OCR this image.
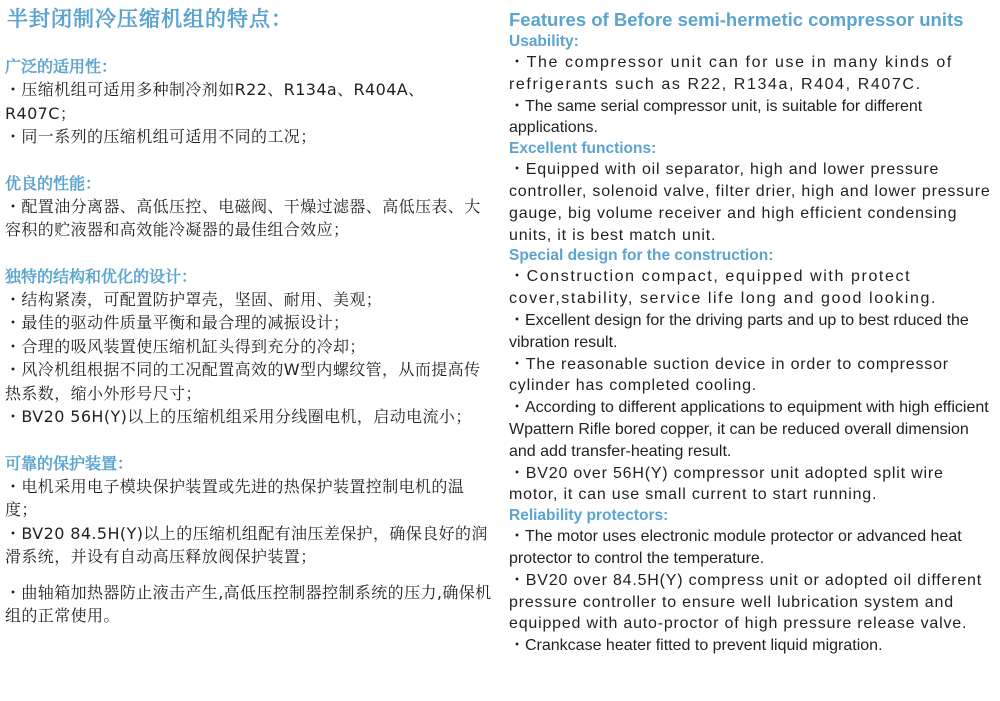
半封闭制冷压缩机组的特点：
广泛的适用性：
・压缩机组可适用多种制冷剂如R22、R134a、R404A、R407C；
・同一系列的压缩机组可适用不同的工况；
优良的性能：
・配置油分离器、高低压控、电磁阀、干燥过滤器、高低压表、大容积的贮液器和高效能冷凝器的最佳组合效应；
独特的结构和优化的设计：
・结构紧凑，可配置防护罩壳，坚固、耐用、美观；
・最佳的驱动件质量平衡和最合理的减振设计；
・合理的吸风装置使压缩机缸头得到充分的冷却；
・风冷机组根据不同的工况配置高效的W型内螺纹管，从而提高传热系数，缩小外形号尺寸；
・BV20 56H(Y)以上的压缩机组采用分线圈电机，启动电流小；
可靠的保护装置：
・电机采用电子模块保护装置或先进的热保护装置控制电机的温度；
・BV20 84.5H(Y)以上的压缩机组配有油压差保护，确保良好的润滑系统，并设有自动高压释放阀保护装置；
・曲轴箱加热器防止液击产生,高低压控制器控制系统的压力,确保机组的正常使用。
Features of Before semi-hermetic compressor units
Usability:
・The compressor unit can for use in many kinds of refrigerants such as R22, R134a, R404, R407C.
・The same serial compressor unit, is suitable for different applications.
Excellent functions:
・Equipped with oil separator, high and lower pressure controller, solenoid valve, filter drier, high and lower pressure gauge, big volume receiver and high efficient condensing units, it is best match unit.
Special design for the construction:
・Construction compact, equipped with protect cover,stability, service life long and good looking.
・Excellent design for the driving parts and up to best rduced the vibration result.
・The reasonable suction device in order to compressor cylinder has completed cooling.
・According to different applications to equipment with high efficient Wpattern Rifle bored copper, it can be reduced overall dimension and add transfer-heating result.
・BV20 over 56H(Y) compressor unit adopted split wire motor, it can use small current to start running.
Reliability protectors:
・The motor uses electronic module protector or advanced heat protector to control the temperature.
・BV20 over 84.5H(Y) compress unit or adopted oil different pressure controller to ensure well lubrication system and equipped with auto-proctor of high pressure release valve.
・Crankcase heater fitted to prevent liquid migration.
